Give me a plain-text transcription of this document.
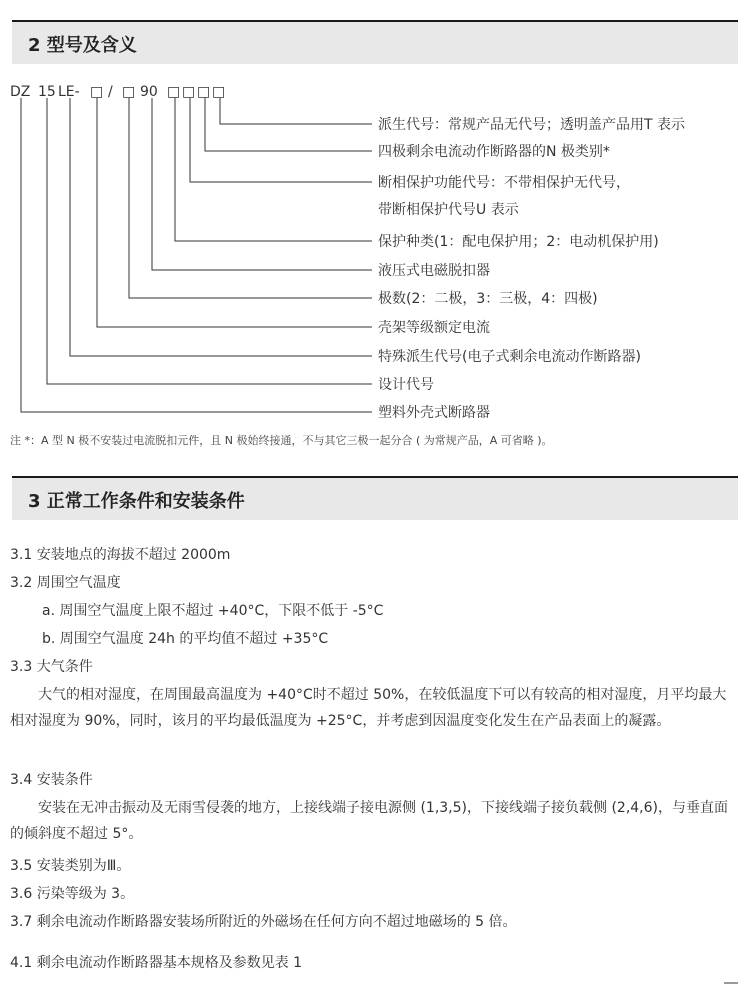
2 型号及含义
DZ 15 LE- □ / □ 90 □ □ □ □
派生代号：常规产品无代号；透明盖产品用T 表示
四极剩余电流动作断路器的N 极类别*
断相保护功能代号：不带相保护无代号，
带断相保护代号U 表示
保护种类(1：配电保护用；2：电动机保护用)
液压式电磁脱扣器
极数(2：二极，3：三极，4：四极)
壳架等级额定电流
特殊派生代号(电子式剩余电流动作断路器)
设计代号
塑料外壳式断路器
注 *：A 型 N 极不安装过电流脱扣元件，且 N 极始终接通，不与其它三极一起分合 ( 为常规产品，A 可省略 )。
3 正常工作条件和安装条件
3.1 安装地点的海拔不超过 2000m
3.2 周围空气温度
a. 周围空气温度上限不超过 +40°C，下限不低于 -5°C
b. 周围空气温度 24h 的平均值不超过 +35°C
3.3 大气条件

大气的相对湿度，在周围最高温度为 +40°C时不超过 50%，在较低温度下可以有较高的相对湿度，月平均最大相对湿度为 90%，同时，该月的平均最低温度为 +25°C，并考虑到因温度变化发生在产品表面上的凝露。

3.4 安装条件

安装在无冲击振动及无雨雪侵袭的地方，上接线端子接电源侧 (1,3,5)，下接线端子接负载侧 (2,4,6)，与垂直面的倾斜度不超过 5°。

3.5 安装类别为Ⅲ。
3.6 污染等级为 3。
3.7 剩余电流动作断路器安装场所附近的外磁场在任何方向不超过地磁场的 5 倍。
4.1 剩余电流动作断路器基本规格及参数见表 1
